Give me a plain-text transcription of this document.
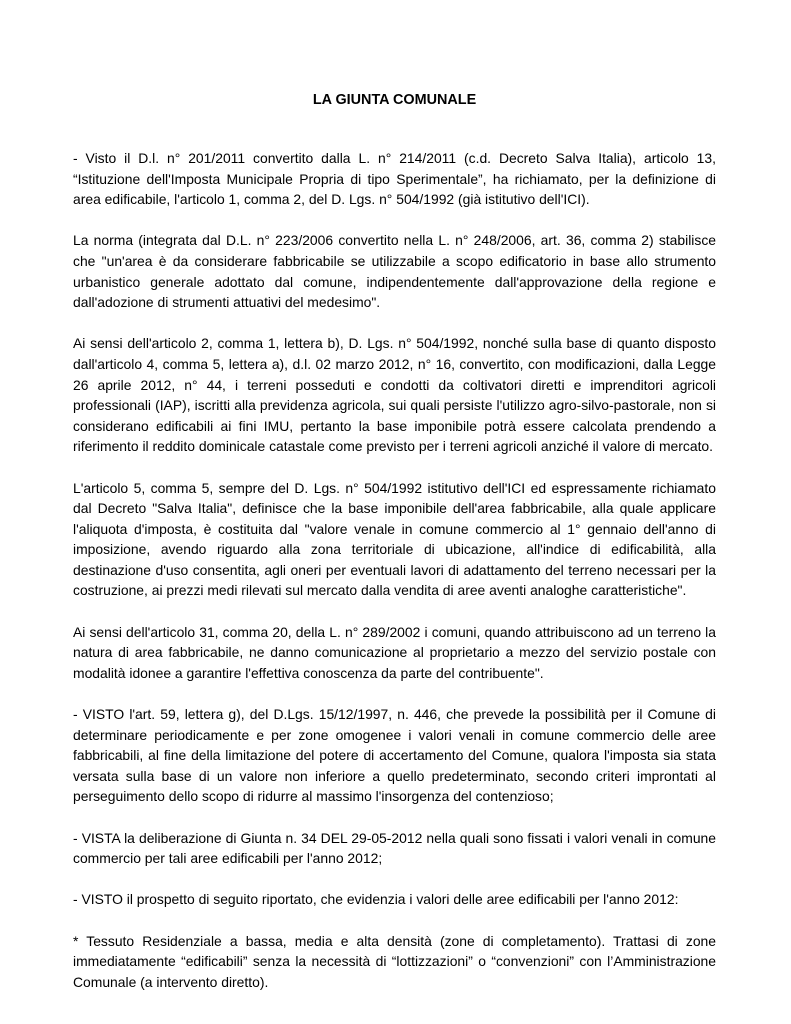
LA GIUNTA COMUNALE

- Visto il D.l. n° 201/2011 convertito dalla L. n° 214/2011 (c.d. Decreto Salva Italia), articolo 13, “Istituzione dell'Imposta Municipale Propria di tipo Sperimentale”, ha richiamato, per la definizione di area edificabile, l'articolo 1, comma 2, del D. Lgs. n° 504/1992 (già istitutivo dell'ICI).

La norma (integrata dal D.L. n° 223/2006 convertito nella L. n° 248/2006, art. 36, comma 2) stabilisce che "un'area è da considerare fabbricabile se utilizzabile a scopo edificatorio in base allo strumento urbanistico generale adottato dal comune, indipendentemente dall'approvazione della regione e dall'adozione di strumenti attuativi del medesimo".

Ai sensi dell'articolo 2, comma 1, lettera b), D. Lgs. n° 504/1992, nonché sulla base di quanto disposto dall'articolo 4, comma 5, lettera a), d.l. 02 marzo 2012, n° 16, convertito, con modificazioni, dalla Legge 26 aprile 2012, n° 44, i terreni posseduti e condotti da coltivatori diretti e imprenditori agricoli professionali (IAP), iscritti alla previdenza agricola, sui quali persiste l'utilizzo agro-silvo-pastorale, non si considerano edificabili ai fini IMU, pertanto la base imponibile potrà essere calcolata prendendo a riferimento il reddito dominicale catastale come previsto per i terreni agricoli anziché il valore di mercato.

L'articolo 5, comma 5, sempre del D. Lgs. n° 504/1992 istitutivo dell'ICI ed espressamente richiamato dal Decreto "Salva Italia", definisce che la base imponibile dell'area fabbricabile, alla quale applicare l'aliquota d'imposta, è costituita dal "valore venale in comune commercio al 1° gennaio dell'anno di imposizione, avendo riguardo alla zona territoriale di ubicazione, all'indice di edificabilità, alla destinazione d'uso consentita, agli oneri per eventuali lavori di adattamento del terreno necessari per la costruzione, ai prezzi medi rilevati sul mercato dalla vendita di aree aventi analoghe caratteristiche".

Ai sensi dell'articolo 31, comma 20, della L. n° 289/2002 i comuni, quando attribuiscono ad un terreno la natura di area fabbricabile, ne danno comunicazione al proprietario a mezzo del servizio postale con modalità idonee a garantire l'effettiva conoscenza da parte del contribuente".

- VISTO l'art. 59, lettera g), del D.Lgs. 15/12/1997, n. 446, che prevede la possibilità per il Comune di determinare periodicamente e per zone omogenee i valori venali in comune commercio delle aree fabbricabili, al fine della limitazione del potere di accertamento del Comune, qualora l'imposta sia stata versata sulla base di un valore non inferiore a quello predeterminato, secondo criteri improntati al perseguimento dello scopo di ridurre al massimo l'insorgenza del contenzioso;

- VISTA la deliberazione di Giunta n. 34 DEL 29-05-2012 nella quali sono fissati i valori venali in comune commercio per tali aree edificabili per l'anno 2012;

- VISTO il prospetto di seguito riportato, che evidenzia i valori delle aree edificabili per l'anno 2012:

* Tessuto Residenziale a bassa, media e alta densità (zone di completamento). Trattasi di zone immediatamente “edificabili” senza la necessità di “lottizzazioni” o “convenzioni” con l’Amministrazione Comunale (a intervento diretto).
